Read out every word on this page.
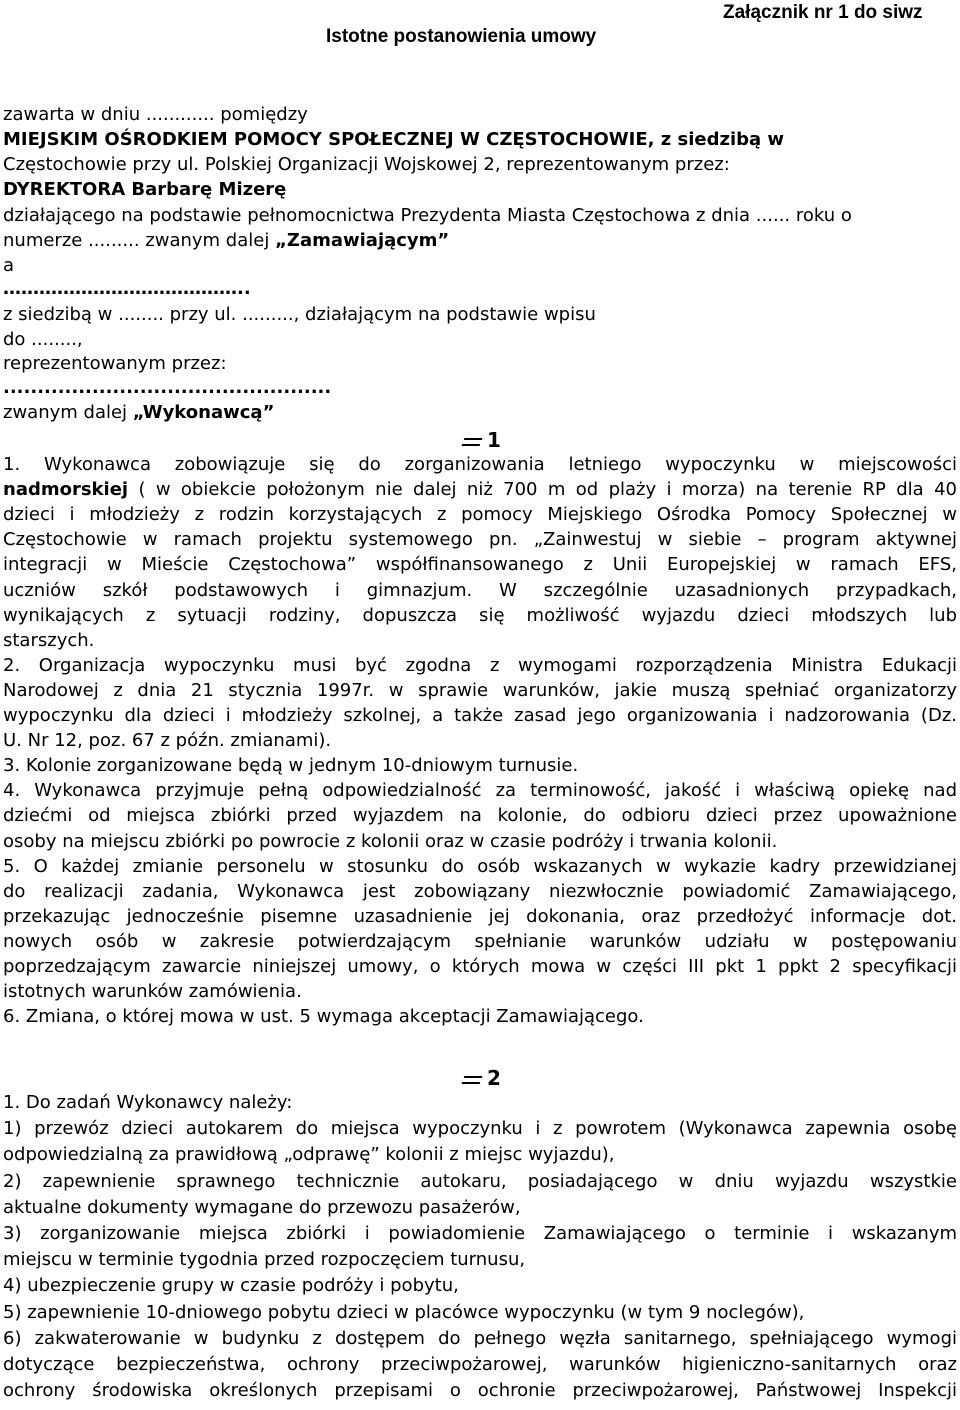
Załącznik nr 1 do siwz
Istotne postanowienia umowy
zawarta w dniu ............ pomiędzy
MIEJSKIM OŚRODKIEM POMOCY SPOŁECZNEJ W CZĘSTOCHOWIE, z siedzibą w
Częstochowie przy ul. Polskiej Organizacji Wojskowej 2, reprezentowanym przez:
DYREKTORA Barbarę Mizerę
działającego na podstawie pełnomocnictwa Prezydenta Miasta Częstochowa z dnia ...... roku o
numerze ......... zwanym dalej „Zamawiającym”
a
…………………………………..
z siedzibą w ........ przy ul. ........., działającym na podstawie wpisu
do ........,
reprezentowanym przez:
................................................
zwanym dalej „Wykonawcą”
1
1. Wykonawca zobowiązuje się do zorganizowania letniego wypoczynku w miejscowości
nadmorskiej ( w obiekcie położonym nie dalej niż 700 m od plaży i morza) na terenie RP dla 40
dzieci i młodzieży z rodzin korzystających z pomocy Miejskiego Ośrodka Pomocy Społecznej w
Częstochowie w ramach projektu systemowego pn. „Zainwestuj w siebie – program aktywnej
integracji w Mieście Częstochowa” współfinansowanego z Unii Europejskiej w ramach EFS,
uczniów szkół podstawowych i gimnazjum. W szczególnie uzasadnionych przypadkach,
wynikających z sytuacji rodziny, dopuszcza się możliwość wyjazdu dzieci młodszych lub
starszych.
2. Organizacja wypoczynku musi być zgodna z wymogami rozporządzenia Ministra Edukacji
Narodowej z dnia 21 stycznia 1997r. w sprawie warunków, jakie muszą spełniać organizatorzy
wypoczynku dla dzieci i młodzieży szkolnej, a także zasad jego organizowania i nadzorowania (Dz.
U. Nr 12, poz. 67 z późn. zmianami).
3. Kolonie zorganizowane będą w jednym 10-dniowym turnusie.
4. Wykonawca przyjmuje pełną odpowiedzialność za terminowość, jakość i właściwą opiekę nad
dziećmi od miejsca zbiórki przed wyjazdem na kolonie, do odbioru dzieci przez upoważnione
osoby na miejscu zbiórki po powrocie z kolonii oraz w czasie podróży i trwania kolonii.
5. O każdej zmianie personelu w stosunku do osób wskazanych w wykazie kadry przewidzianej
do realizacji zadania, Wykonawca jest zobowiązany niezwłocznie powiadomić Zamawiającego,
przekazując jednocześnie pisemne uzasadnienie jej dokonania, oraz przedłożyć informacje dot.
nowych osób w zakresie potwierdzającym spełnianie warunków udziału w postępowaniu
poprzedzającym zawarcie niniejszej umowy, o których mowa w części III pkt 1 ppkt 2 specyfikacji
istotnych warunków zamówienia.
6. Zmiana, o której mowa w ust. 5 wymaga akceptacji Zamawiającego.
2
1. Do zadań Wykonawcy należy:
1) przewóz dzieci autokarem do miejsca wypoczynku i z powrotem (Wykonawca zapewnia osobę
odpowiedzialną za prawidłową „odprawę” kolonii z miejsc wyjazdu),
2) zapewnienie sprawnego technicznie autokaru, posiadającego w dniu wyjazdu wszystkie
aktualne dokumenty wymagane do przewozu pasażerów,
3) zorganizowanie miejsca zbiórki i powiadomienie Zamawiającego o terminie i wskazanym
miejscu w terminie tygodnia przed rozpoczęciem turnusu,
4) ubezpieczenie grupy w czasie podróży i pobytu,
5) zapewnienie 10-dniowego pobytu dzieci w placówce wypoczynku (w tym 9 noclegów),
6) zakwaterowanie w budynku z dostępem do pełnego węzła sanitarnego, spełniającego wymogi
dotyczące bezpieczeństwa, ochrony przeciwpożarowej, warunków higieniczno-sanitarnych oraz
ochrony środowiska określonych przepisami o ochronie przeciwpożarowej, Państwowej Inspekcji
